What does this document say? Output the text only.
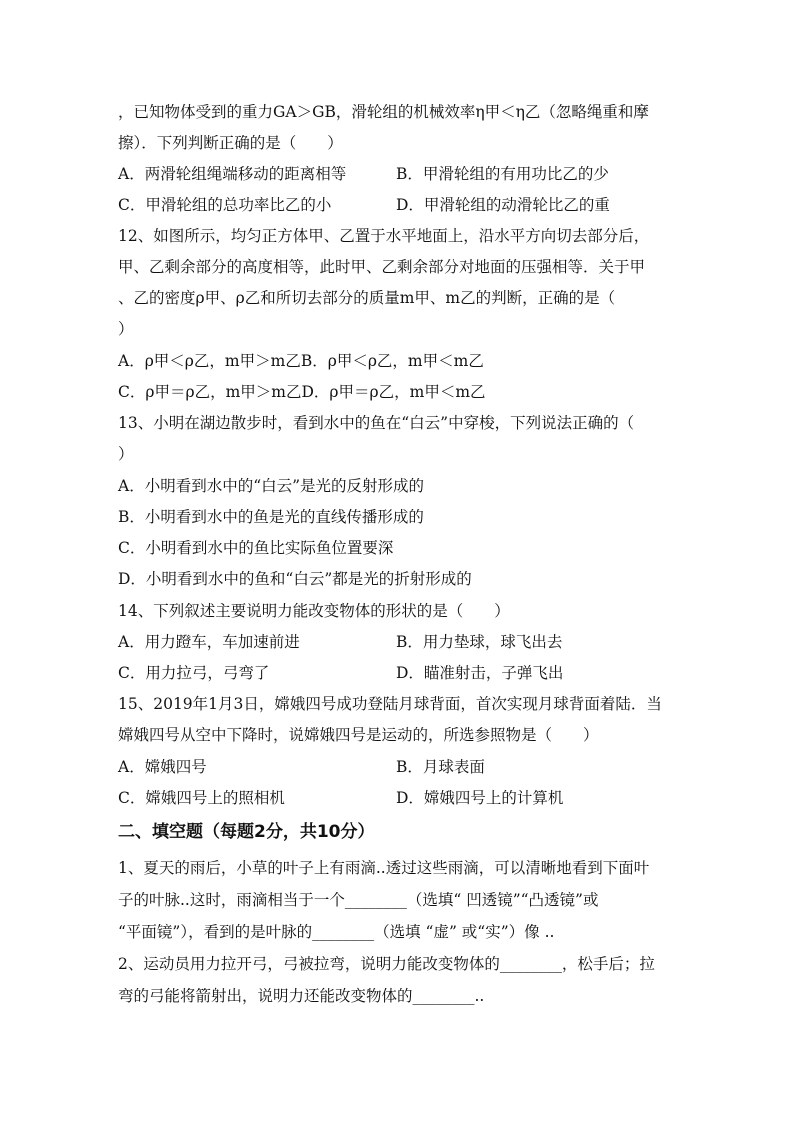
，已知物体受到的重力GA＞GB，滑轮组的机械效率η甲＜η乙（忽略绳重和摩
擦）．下列判断正确的是（　　）
A．两滑轮组绳端移动的距离相等	B．甲滑轮组的有用功比乙的少
C．甲滑轮组的总功率比乙的小	D．甲滑轮组的动滑轮比乙的重
12、如图所示，均匀正方体甲、乙置于水平地面上，沿水平方向切去部分后，
甲、乙剩余部分的高度相等，此时甲、乙剩余部分对地面的压强相等．关于甲
、乙的密度ρ甲、ρ乙和所切去部分的质量m甲、m乙的判断，正确的是（
）
A．ρ甲＜ρ乙，m甲＞m乙B．ρ甲＜ρ乙，m甲＜m乙
C．ρ甲＝ρ乙，m甲＞m乙D．ρ甲＝ρ乙，m甲＜m乙
13、小明在湖边散步时，看到水中的鱼在“白云”中穿梭，下列说法正确的（
）
A．小明看到水中的“白云”是光的反射形成的
B．小明看到水中的鱼是光的直线传播形成的
C．小明看到水中的鱼比实际鱼位置要深
D．小明看到水中的鱼和“白云”都是光的折射形成的
14、下列叙述主要说明力能改变物体的形状的是（　　）
A．用力蹬车，车加速前进	B．用力垫球，球飞出去
C．用力拉弓，弓弯了	D．瞄准射击，子弹飞出
15、2019年1月3日，嫦娥四号成功登陆月球背面，首次实现月球背面着陆．当
嫦娥四号从空中下降时，说嫦娥四号是运动的，所选参照物是（　　）
A．嫦娥四号	B．月球表面
C．嫦娥四号上的照相机	D．嫦娥四号上的计算机
二、填空题（每题2分，共10分）
1、夏天的雨后，小草的叶子上有雨滴..透过这些雨滴，可以清晰地看到下面叶
子的叶脉..这时，雨滴相当于一个________（选填“ 凹透镜”“凸透镜”或
“平面镜”），看到的是叶脉的________（选填 “虚” 或“实”）像 ..
2、运动员用力拉开弓，弓被拉弯，说明力能改变物体的________，松手后；拉
弯的弓能将箭射出，说明力还能改变物体的________..
